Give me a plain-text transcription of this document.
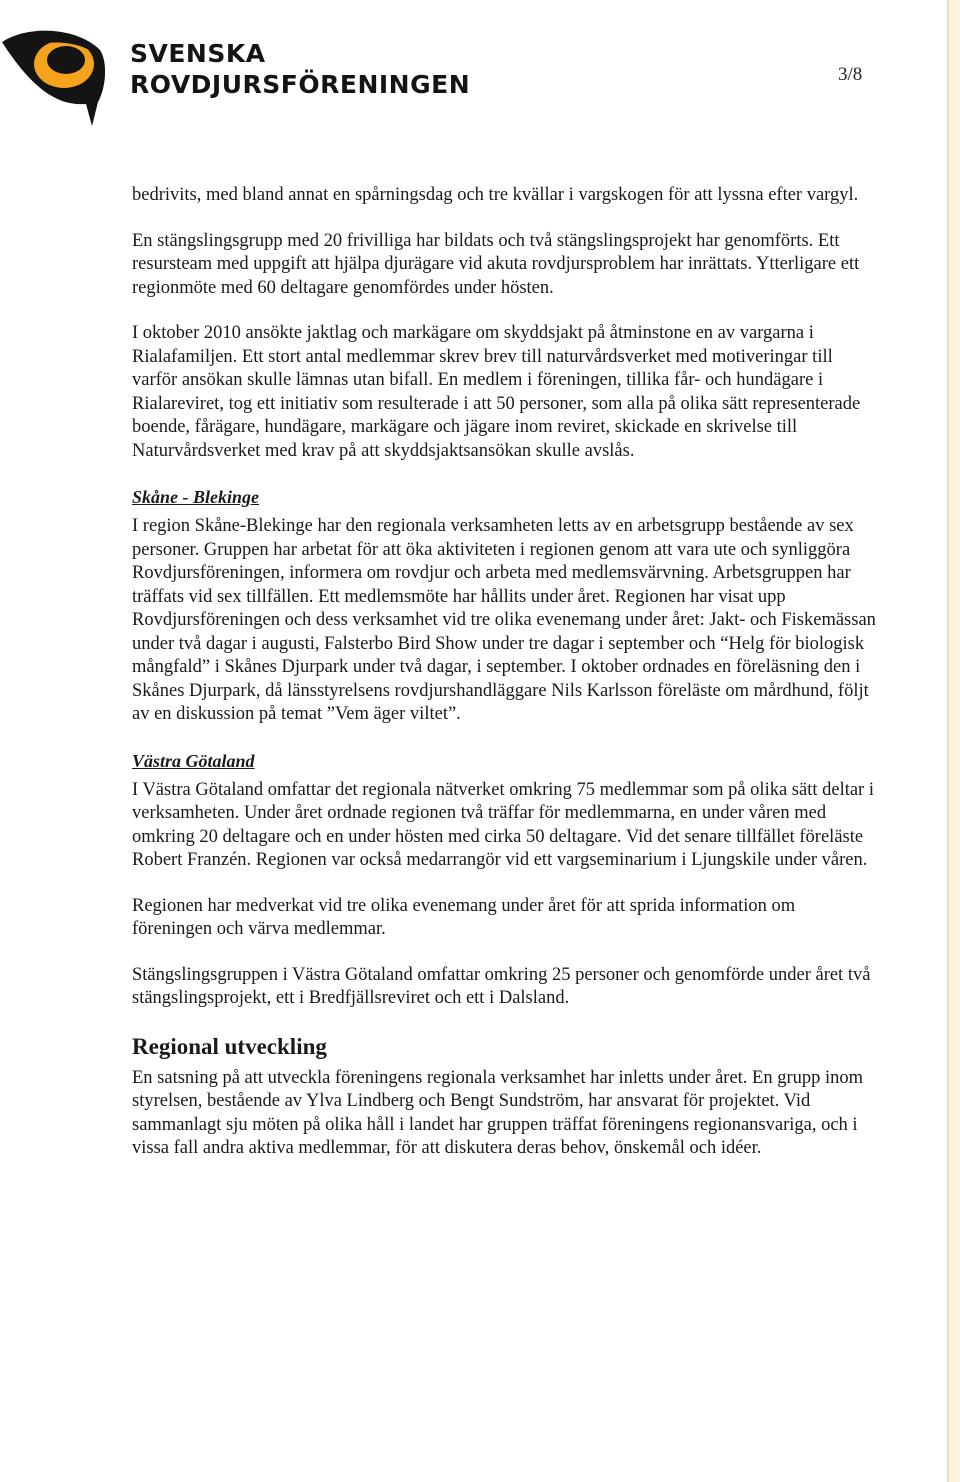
SVENSKA
ROVDJURSFÖRENINGEN	3/8

bedrivits, med bland annat en spårningsdag och tre kvällar i vargskogen för att lyssna efter vargyl.

En stängslingsgrupp med 20 frivilliga har bildats och två stängslingsprojekt har genomförts. Ett resursteam med uppgift att hjälpa djurägare vid akuta rovdjursproblem har inrättats. Ytterligare ett regionmöte med 60 deltagare genomfördes under hösten.

I oktober 2010 ansökte jaktlag och markägare om skyddsjakt på åtminstone en av vargarna i Rialafamiljen. Ett stort antal medlemmar skrev brev till naturvårdsverket med motiveringar till varför ansökan skulle lämnas utan bifall. En medlem i föreningen, tillika får- och hundägare i Rialareviret, tog ett initiativ som resulterade i att 50 personer, som alla på olika sätt representerade boende, fårägare, hundägare, markägare och jägare inom reviret, skickade en skrivelse till Naturvårdsverket med krav på att skyddsjaktsansökan skulle avslås.

Skåne - Blekinge

I region Skåne-Blekinge har den regionala verksamheten letts av en arbetsgrupp bestående av sex personer. Gruppen har arbetat för att öka aktiviteten i regionen genom att vara ute och synliggöra Rovdjursföreningen, informera om rovdjur och arbeta med medlemsvärvning. Arbetsgruppen har träffats vid sex tillfällen. Ett medlemsmöte har hållits under året. Regionen har visat upp Rovdjursföreningen och dess verksamhet vid tre olika evenemang under året: Jakt- och Fiskemässan under två dagar i augusti, Falsterbo Bird Show under tre dagar i september och “Helg för biologisk mångfald” i Skånes Djurpark under två dagar, i september. I oktober ordnades en föreläsning den i Skånes Djurpark, då länsstyrelsens rovdjurshandläggare Nils Karlsson föreläste om mårdhund, följt av en diskussion på temat ”Vem äger viltet”.

Västra Götaland

I Västra Götaland omfattar det regionala nätverket omkring 75 medlemmar som på olika sätt deltar i verksamheten. Under året ordnade regionen två träffar för medlemmarna, en under våren med omkring 20 deltagare och en under hösten med cirka 50 deltagare. Vid det senare tillfället föreläste Robert Franzén. Regionen var också medarrangör vid ett vargseminarium i Ljungskile under våren.

Regionen har medverkat vid tre olika evenemang under året för att sprida information om föreningen och värva medlemmar.

Stängslingsgruppen i Västra Götaland omfattar omkring 25 personer och genomförde under året två stängslingsprojekt, ett i Bredfjällsreviret och ett i Dalsland.

Regional utveckling

En satsning på att utveckla föreningens regionala verksamhet har inletts under året. En grupp inom styrelsen, bestående av Ylva Lindberg och Bengt Sundström, har ansvarat för projektet. Vid sammanlagt sju möten på olika håll i landet har gruppen träffat föreningens regionansvariga, och i vissa fall andra aktiva medlemmar, för att diskutera deras behov, önskemål och idéer.
